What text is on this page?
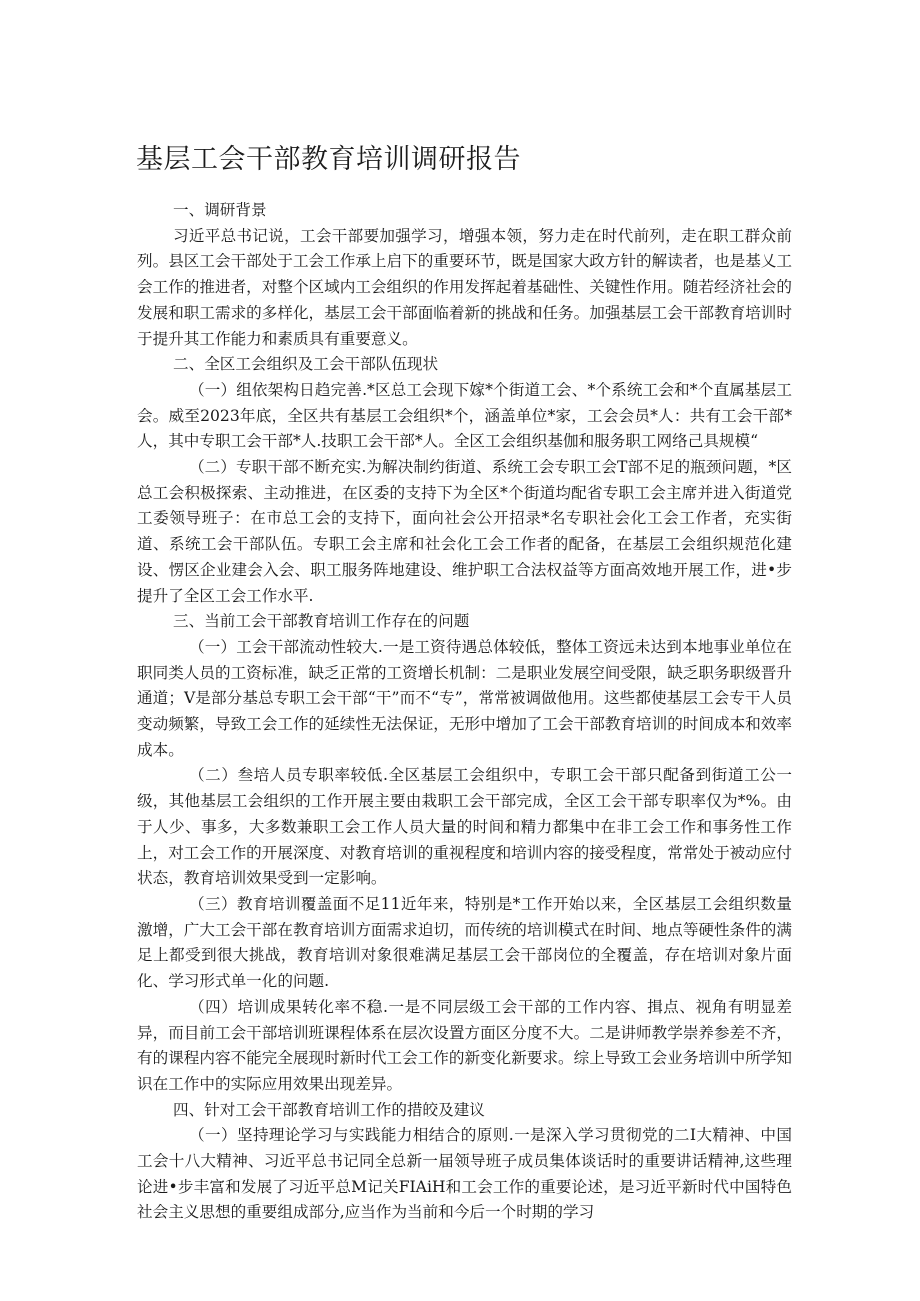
基层工会干部教育培训调研报告

一、调研背景

习近平总书记说，工会干部要加强学习，增强本领，努力走在时代前列，走在职工群众前列。县区工会干部处于工会工作承上启下的重要环节，既是国家大政方针的解读者，也是基乂工会工作的推进者，对整个区域内工会组织的作用发挥起着基础性、关键性作用。随若经济社会的发展和职工需求的多样化，基层工会干部面临着新的挑战和任务。加强基层工会干部教育培训时于提升其工作能力和素质具有重要意义。

二、全区工会组织及工会干部队伍现状

（一）组依架构日趋完善.*区总工会现下嫁*个街道工会、*个系统工会和*个直属基层工会。威至2023年底，全区共有基层工会组织*个，涵盖单位*家，工会会员*人：共有工会干部*人，其中专职工会干部*人.技职工会干部*人。全区工会组织基伽和服务职工网络己具规模“

（二）专职干部不断充实.为解决制约街道、系统工会专职工会T部不足的瓶颈问题，*区总工会积极探索、主动推进，在区委的支持下为全区*个街道均配省专职工会主席并进入街道党工委领导班子：在市总工会的支持下，面向社会公开招录*名专职社会化工会工作者，充实街道、系统工会干部队伍。专职工会主席和社会化工会工作者的配备，在基层工会组织规范化建设、愣区企业建会入会、职工服务阵地建设、维护职工合法权益等方面高效地开展工作，进•步提升了全区工会工作水平.

三、当前工会干部教育培训工作存在的问题

（一）工会干部流动性较大.一是工资待遇总体较低，整体工资远未达到本地事业单位在职同类人员的工资标准，缺乏正常的工资增长机制：二是职业发展空间受限，缺乏职务职级晋升通道；V是部分基总专职工会干部“干”而不“专”，常常被调做他用。这些都使基层工会专干人员变动频繁，导致工会工作的延续性无法保证，无形中增加了工会干部教育培训的时间成本和效率成本。

（二）叁培人员专职率较低.全区基层工会组织中，专职工会干部只配备到街道工公一级，其他基层工会组织的工作开展主要由栽职工会干部完成，全区工会干部专职率仅为*%。由于人少、事多，大多数兼职工会工作人员大量的时间和精力都集中在非工会工作和事务性工作上，对工会工作的开展深度、对教育培训的重视程度和培训内容的接受程度，常常处于被动应付状态，教育培训效果受到一定影响。

（三）教育培训覆盖面不足11近年来，特别是*工作开始以来，全区基层工会组织数量激增，广大工会干部在教育培训方面需求迫切，而传统的培训模式在时间、地点等硬性条件的满足上都受到很大挑战，教育培训对象很难满足基层工会干部岗位的全覆盖，存在培训对象片面化、学习形式单一化的问题.

（四）培训成果转化率不稳.一是不同层级工会干部的工作内容、揖点、视角有明显差异，而目前工会干部培训班课程体系在层次设置方面区分度不大。二是讲师教学崇养参差不齐，有的课程内容不能完全展现时新时代工会工作的新变化新要求。综上导致工会业务培训中所学知识在工作中的实际应用效果出现差异。

四、针对工会干部教育培训工作的措皎及建议

（一）坚持理论学习与实践能力相结合的原则.一是深入学习贯彻党的二I大精神、中国工会十八大精神、习近平总书记同全总新一届领导班子成员集体谈话时的重要讲话精神,这些理论进•步丰富和发展了习近平总M记关FIAiH和工会工作的重要论述，是习近平新时代中国特色社会主义思想的重要组成部分,应当作为当前和今后一个时期的学习
